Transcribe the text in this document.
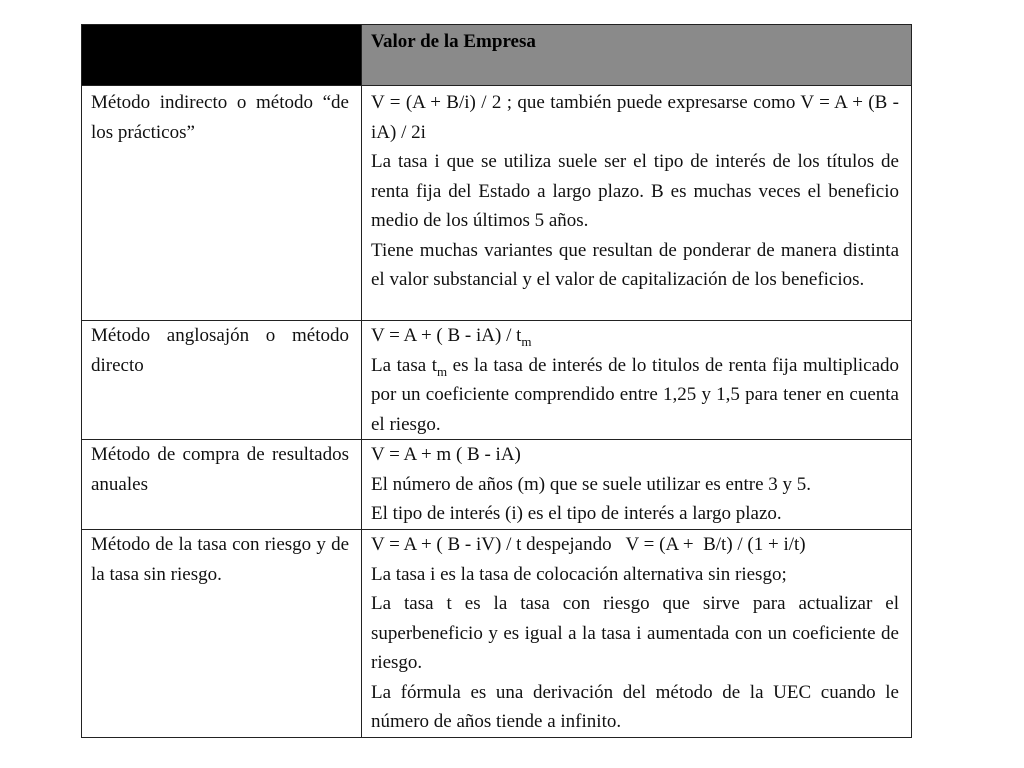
	Valor de la Empresa
Método indirecto o método “de los prácticos”	V = (A + B/i) / 2 ; que también puede expresarse como V = A + (B - iA) / 2i

La tasa i que se utiliza suele ser el tipo de interés de los títulos de renta fija del Estado a largo plazo. B es muchas veces el beneficio medio de los últimos 5 años.

Tiene muchas variantes que resultan de ponderar de manera distinta el valor substancial y el valor de capitalización de los beneficios.

Método anglosajón o método directo	V = A + ( B - $iA) / t_m$

La tasa $t_m$ es la tasa de interés de lo titulos de renta fija multiplicado por un coeficiente comprendido entre 1,25 y 1,5 para tener en cuenta el riesgo.

Método de compra de resultados anuales	V = A + m ( B - iA)

El número de años (m) que se suele utilizar es entre 3 y 5.

El tipo de interés (i) es el tipo de interés a largo plazo.

Método de la tasa con riesgo y de la tasa sin riesgo.	V = A + ( B - iV) / t despejando   V = (A +  B/t) / (1 + i/t)

La tasa i es la tasa de colocación alternativa sin riesgo;

La tasa t es la tasa con riesgo que sirve para actualizar el superbeneficio y es igual a la tasa i aumentada con un coeficiente de riesgo.

La fórmula es una derivación del método de la UEC cuando le número de años tiende a infinito.
